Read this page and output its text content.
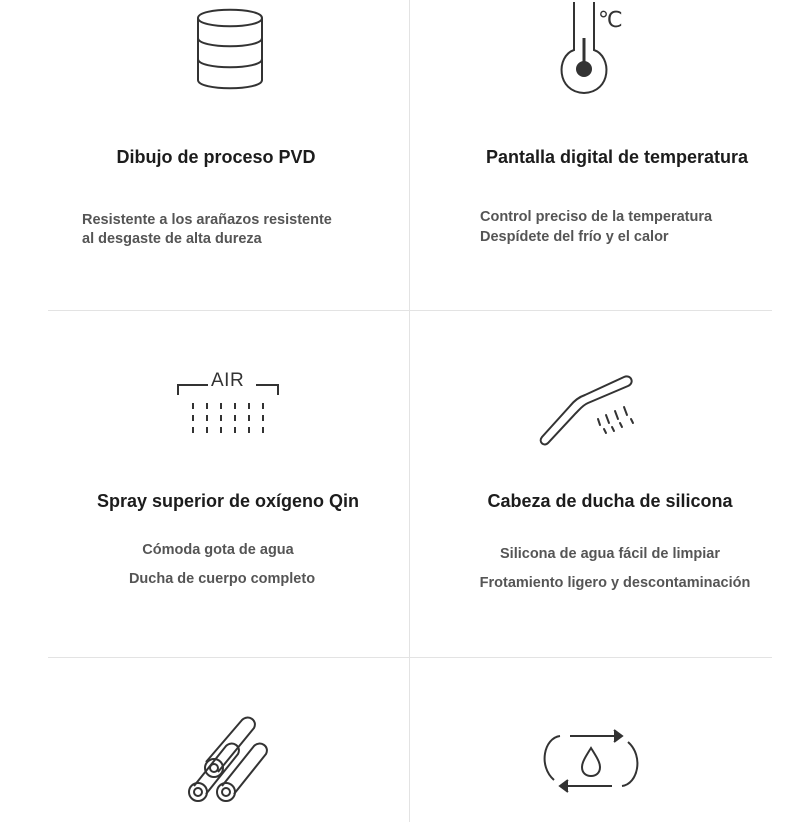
Dibujo de proceso PVD
Resistente a los arañazos resistente
al desgaste de alta dureza
℃
Pantalla digital de temperatura
Control preciso de la temperatura
Despídete del frío y el calor
AIR
Spray superior de oxígeno Qin
Cómoda gota de agua
Ducha de cuerpo completo
Cabeza de ducha de silicona
Silicona de agua fácil de limpiar
Frotamiento ligero y descontaminación
